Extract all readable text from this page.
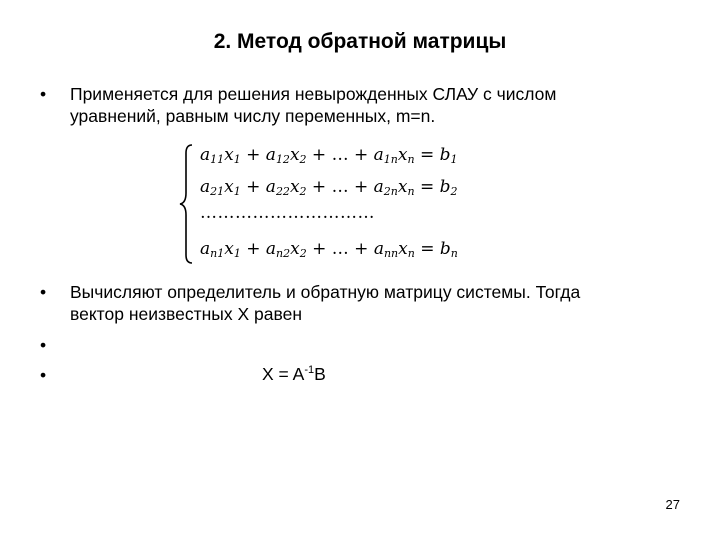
2. Метод обратной матрицы
• Применяется для решения невырожденных СЛАУ с числом
уравнений, равным числу переменных, m=n.
$a_{11}x_1 + a_{12}x_2$ + … + $a_{1n}x_n = b_1$
$a_{21}x_1 + a_{22}x_2$ + … + $a_{2n}x_n = b_2$
…………………………
$a_{n1}x_1 + a_{n2}x_2$ + … + $a_{nn}x_n = b_n$
• Вычисляют определитель и обратную матрицу системы. Тогда
вектор неизвестных Х равен
•
•	$X = A^{-1}B$
27
